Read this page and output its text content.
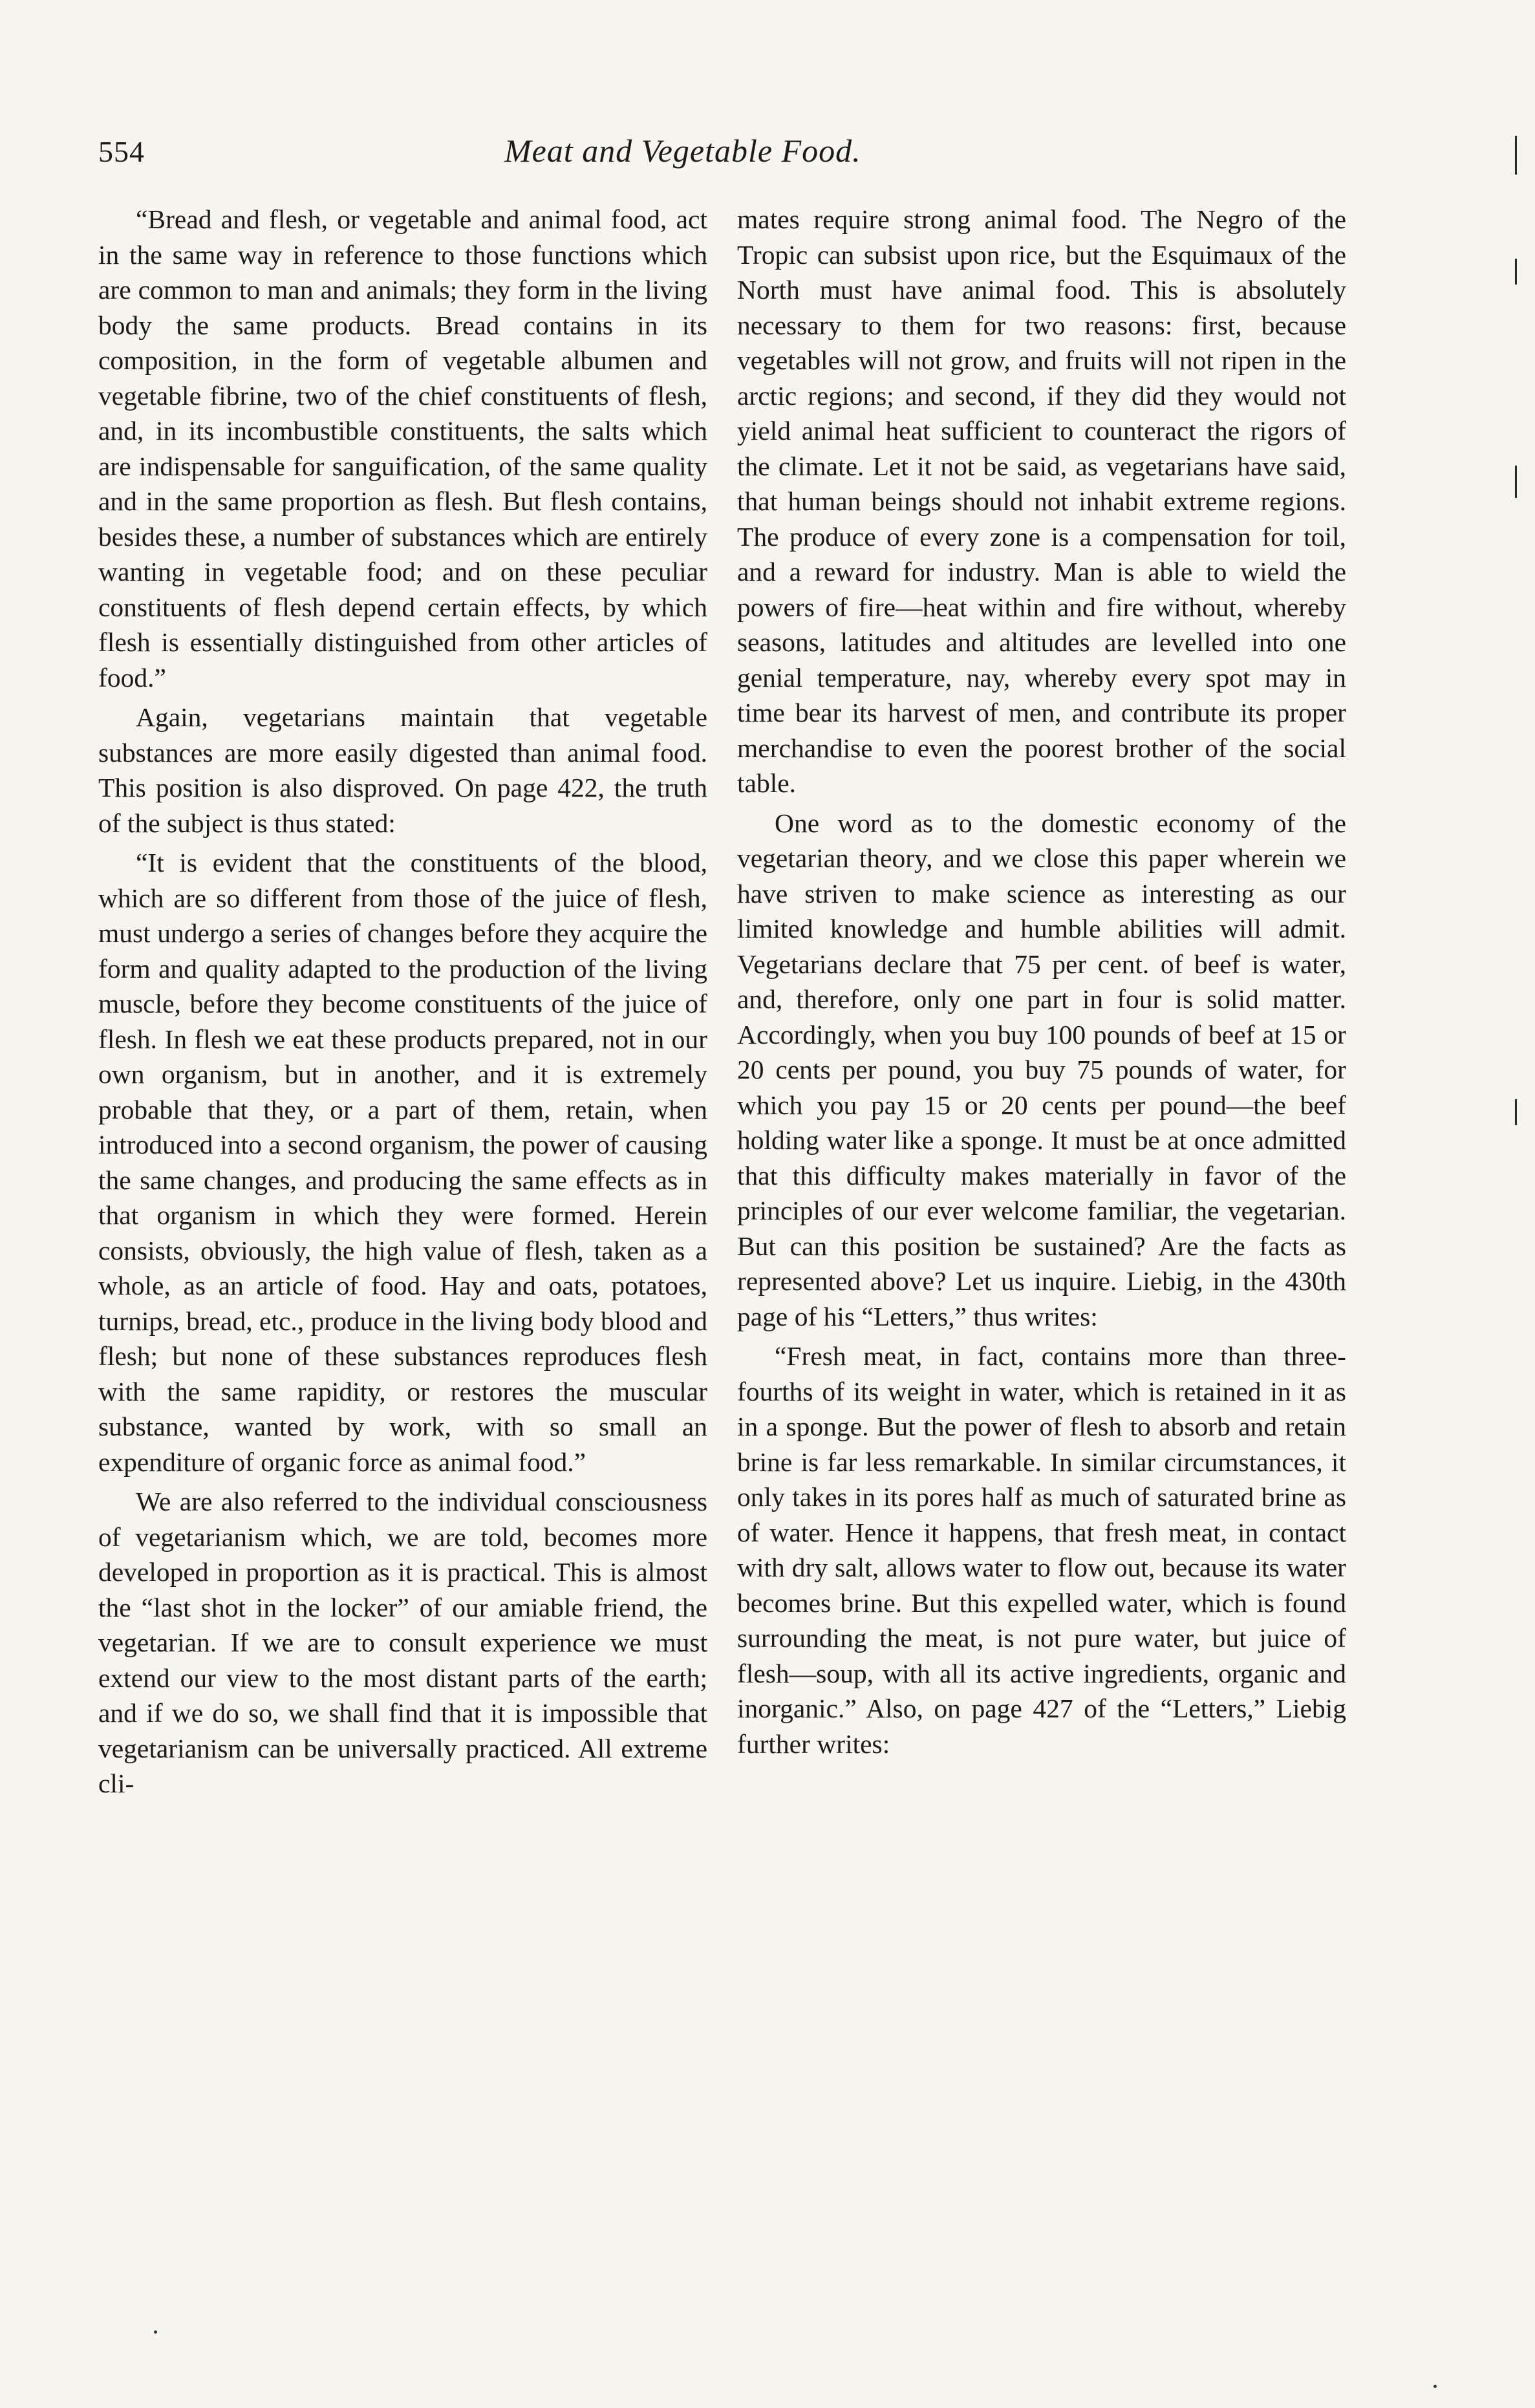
554	Meat and Vegetable Food.

“Bread and flesh, or vegetable and animal food, act in the same way in reference to those functions which are common to man and animals; they form in the living body the same products. Bread contains in its composition, in the form of vegetable albumen and vegetable fibrine, two of the chief constituents of flesh, and, in its incombustible constituents, the salts which are indispensable for sanguification, of the same quality and in the same proportion as flesh. But flesh contains, besides these, a number of substances which are entirely wanting in vegetable food; and on these peculiar constituents of flesh depend certain effects, by which flesh is essentially distinguished from other articles of food.”

Again, vegetarians maintain that vegetable substances are more easily digested than animal food. This position is also disproved. On page 422, the truth of the subject is thus stated:

“It is evident that the constituents of the blood, which are so different from those of the juice of flesh, must undergo a series of changes before they acquire the form and quality adapted to the production of the living muscle, before they become constituents of the juice of flesh. In flesh we eat these products prepared, not in our own organism, but in another, and it is extremely probable that they, or a part of them, retain, when introduced into a second organism, the power of causing the same changes, and producing the same effects as in that organism in which they were formed. Herein consists, obviously, the high value of flesh, taken as a whole, as an article of food. Hay and oats, potatoes, turnips, bread, etc., produce in the living body blood and flesh; but none of these substances reproduces flesh with the same rapidity, or restores the muscular substance, wanted by work, with so small an expenditure of organic force as animal food.”

We are also referred to the individual consciousness of vegetarianism which, we are told, becomes more developed in proportion as it is practical. This is almost the “last shot in the locker” of our amiable friend, the vegetarian. If we are to consult experience we must extend our view to the most distant parts of the earth; and if we do so, we shall find that it is impossible that vegetarianism can be universally practiced. All extreme cli-

mates require strong animal food. The Negro of the Tropic can subsist upon rice, but the Esquimaux of the North must have animal food. This is absolutely necessary to them for two reasons: first, because vegetables will not grow, and fruits will not ripen in the arctic regions; and second, if they did they would not yield animal heat sufficient to counteract the rigors of the climate. Let it not be said, as vegetarians have said, that human beings should not inhabit extreme regions. The produce of every zone is a compensation for toil, and a reward for industry. Man is able to wield the powers of fire—heat within and fire without, whereby seasons, latitudes and altitudes are levelled into one genial temperature, nay, whereby every spot may in time bear its harvest of men, and contribute its proper merchandise to even the poorest brother of the social table.

One word as to the domestic economy of the vegetarian theory, and we close this paper wherein we have striven to make science as interesting as our limited knowledge and humble abilities will admit. Vegetarians declare that 75 per cent. of beef is water, and, therefore, only one part in four is solid matter. Accordingly, when you buy 100 pounds of beef at 15 or 20 cents per pound, you buy 75 pounds of water, for which you pay 15 or 20 cents per pound—the beef holding water like a sponge. It must be at once admitted that this difficulty makes materially in favor of the principles of our ever welcome familiar, the vegetarian. But can this position be sustained? Are the facts as represented above? Let us inquire. Liebig, in the 430th page of his “Letters,” thus writes:

“Fresh meat, in fact, contains more than three-fourths of its weight in water, which is retained in it as in a sponge. But the power of flesh to absorb and retain brine is far less remarkable. In similar circumstances, it only takes in its pores half as much of saturated brine as of water. Hence it happens, that fresh meat, in contact with dry salt, allows water to flow out, because its water becomes brine. But this expelled water, which is found surrounding the meat, is not pure water, but juice of flesh—soup, with all its active ingredients, organic and inorganic.” Also, on page 427 of the “Letters,” Liebig further writes:
